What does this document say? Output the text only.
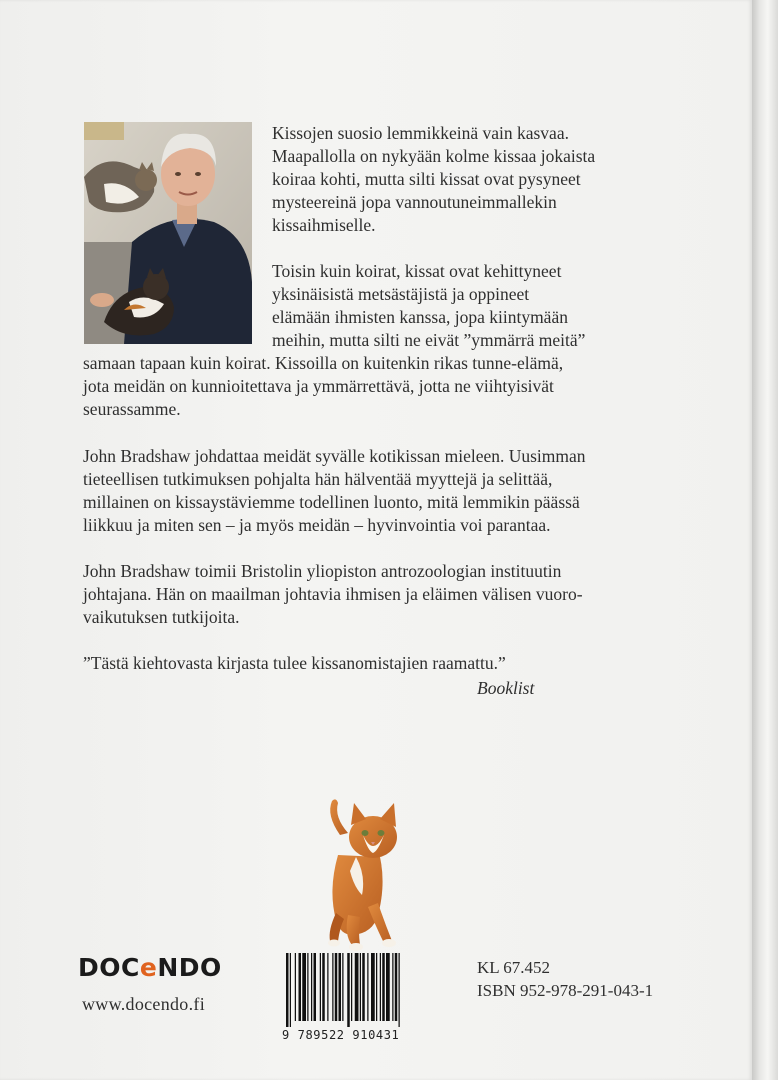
Kissojen suosio lemmikkeinä vain kasvaa.
Maapallolla on nykyään kolme kissaa jokaista
koiraa kohti, mutta silti kissat ovat pysyneet
mysteereinä jopa vannoutuneimmallekin
kissaihmiselle.
Toisin kuin koirat, kissat ovat kehittyneet
yksinäisistä metsästäjistä ja oppineet
elämään ihmisten kanssa, jopa kiintymään
meihin, mutta silti ne eivät ”ymmärrä meitä”
samaan tapaan kuin koirat. Kissoilla on kuitenkin rikas tunne-elämä,
jota meidän on kunnioitettava ja ymmärrettävä, jotta ne viihtyisivät
seurassamme.
John Bradshaw johdattaa meidät syvälle kotikissan mieleen. Uusimman
tieteellisen tutkimuksen pohjalta hän hälventää myyttejä ja selittää,
millainen on kissaystäviemme todellinen luonto, mitä lemmikin päässä
liikkuu ja miten sen – ja myös meidän – hyvinvointia voi parantaa.
John Bradshaw toimii Bristolin yliopiston antrozoologian instituutin
johtajana. Hän on maailman johtavia ihmisen ja eläimen välisen vuoro-
vaikutuksen tutkijoita.
”Tästä kiehtovasta kirjasta tulee kissanomistajien raamattu.”
Booklist
DOCeNDO
www.docendo.fi
9 789522 910431
KL 67.452
ISBN 952-978-291-043-1
